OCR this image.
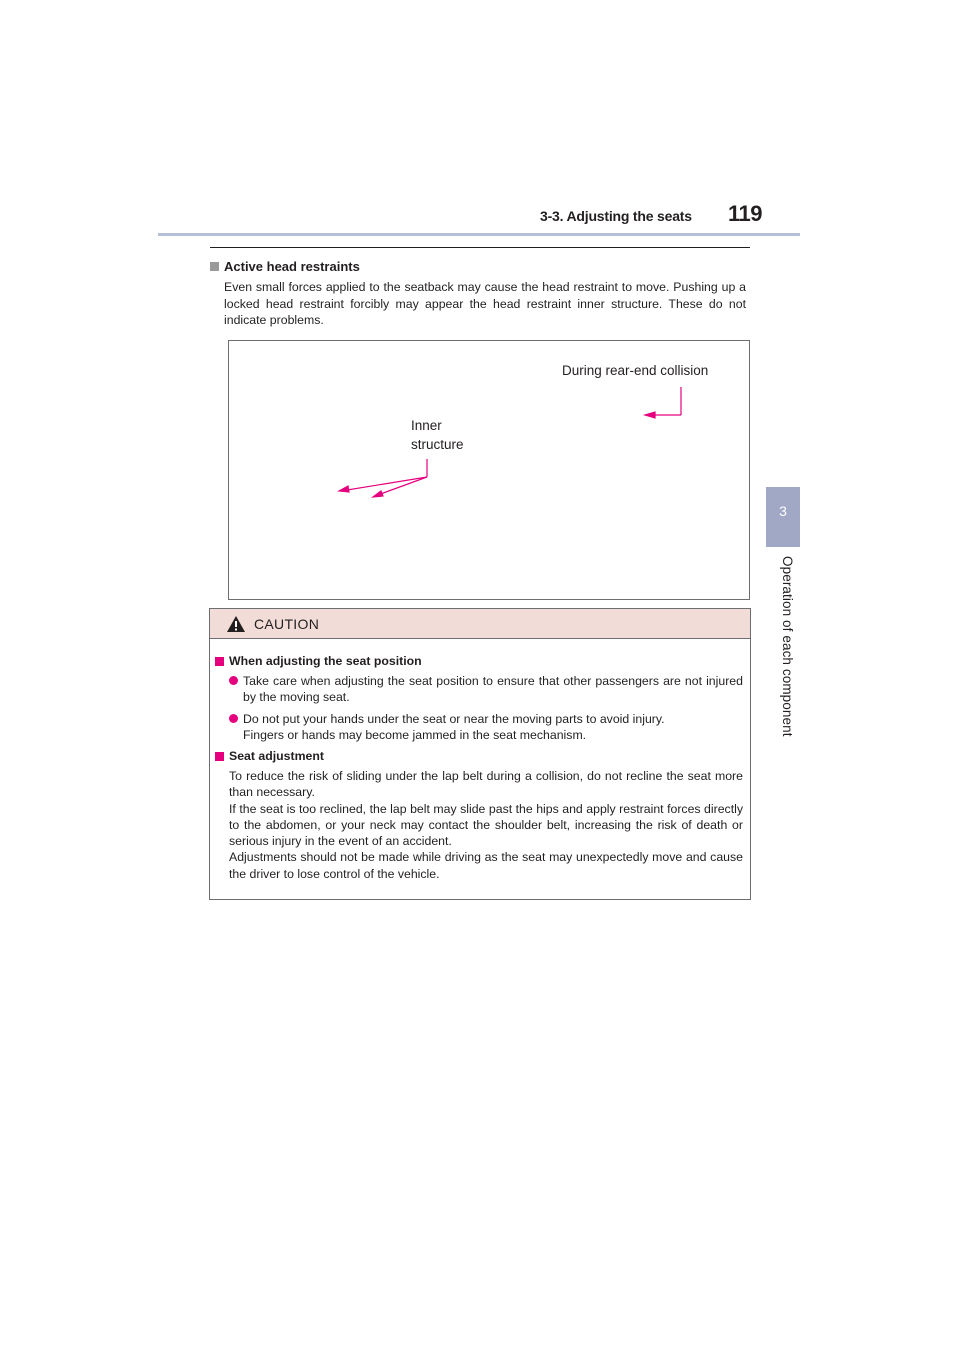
3-3. Adjusting the seats 119
3
Operation of each component
Active head restraints
Even small forces applied to the seatback may cause the head restraint to move. Pushing up a locked head restraint forcibly may appear the head restraint inner structure. These do not indicate problems.
During rear-end collision
Inner
structure
CAUTION
When adjusting the seat position
Take care when adjusting the seat position to ensure that other passengers are not injured by the moving seat.
Do not put your hands under the seat or near the moving parts to avoid injury.
Fingers or hands may become jammed in the seat mechanism.
Seat adjustment
To reduce the risk of sliding under the lap belt during a collision, do not recline the seat more than necessary.
If the seat is too reclined, the lap belt may slide past the hips and apply restraint forces directly to the abdomen, or your neck may contact the shoulder belt, increasing the risk of death or serious injury in the event of an accident.
Adjustments should not be made while driving as the seat may unexpectedly move and cause the driver to lose control of the vehicle.
